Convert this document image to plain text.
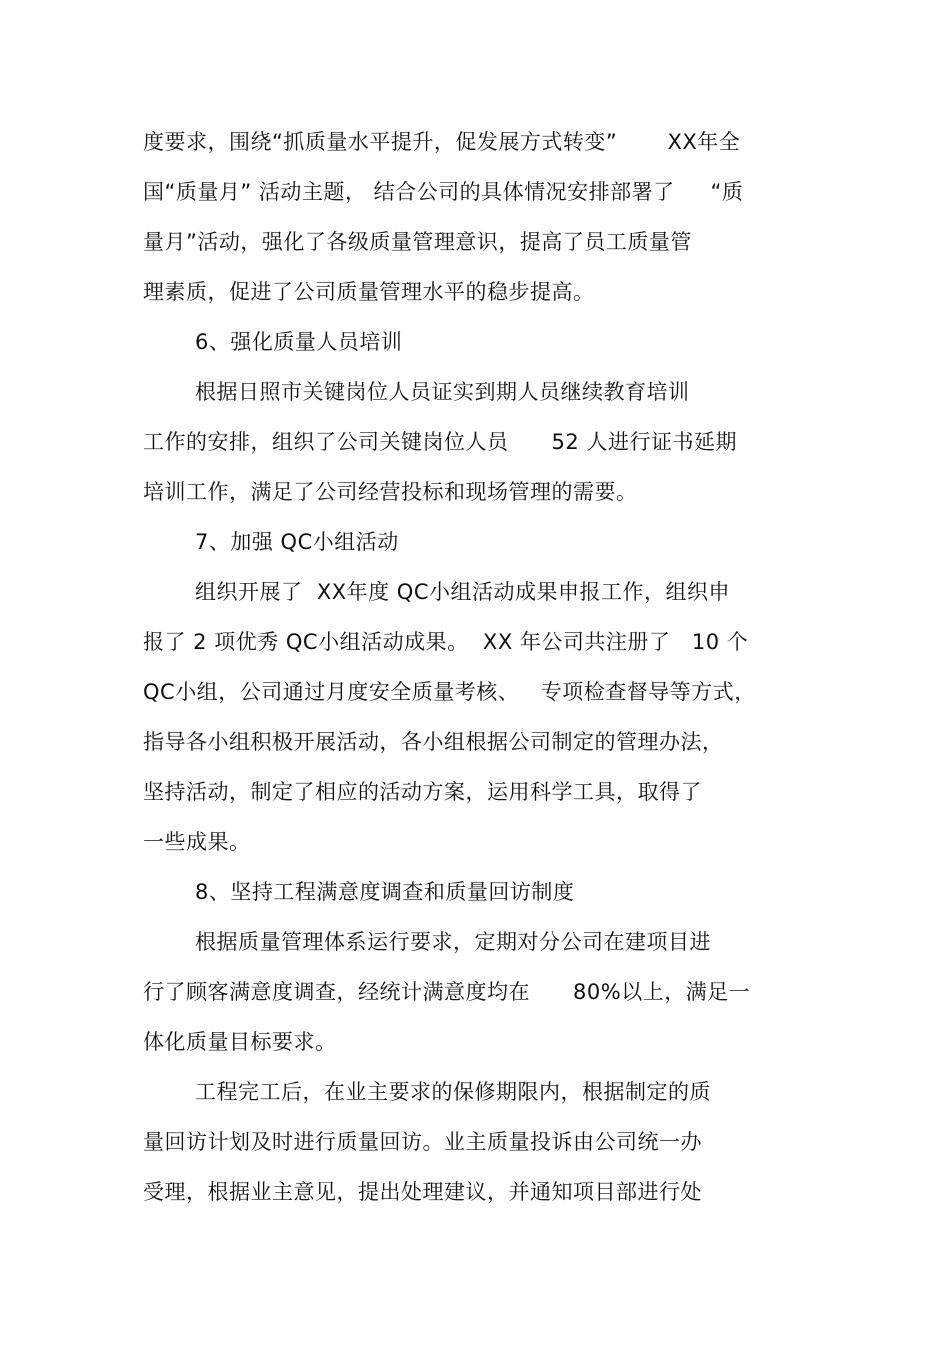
度要求，围绕“抓质量水平提升，促发展方式转变”       XX年全
国“质量月” 活动主题， 结合公司的具体情况安排部署了     “质
量月”活动，强化了各级质量管理意识，提高了员工质量管
理素质，促进了公司质量管理水平的稳步提高。
6、强化质量人员培训
根据日照市关键岗位人员证实到期人员继续教育培训
工作的安排，组织了公司关键岗位人员      52 人进行证书延期
培训工作，满足了公司经营投标和现场管理的需要。
7、加强 QC小组活动
组织开展了  XX年度 QC小组活动成果申报工作，组织申
报了 2 项优秀 QC小组活动成果。  XX 年公司共注册了   10 个
QC小组，公司通过月度安全质量考核、   专项检查督导等方式，
指导各小组积极开展活动，各小组根据公司制定的管理办法，
坚持活动，制定了相应的活动方案，运用科学工具，取得了
一些成果。
8、坚持工程满意度调查和质量回访制度
根据质量管理体系运行要求，定期对分公司在建项目进
行了顾客满意度调查，经统计满意度均在      80%以上，满足一
体化质量目标要求。
工程完工后，在业主要求的保修期限内，根据制定的质
量回访计划及时进行质量回访。业主质量投诉由公司统一办
受理，根据业主意见，提出处理建议，并通知项目部进行处
